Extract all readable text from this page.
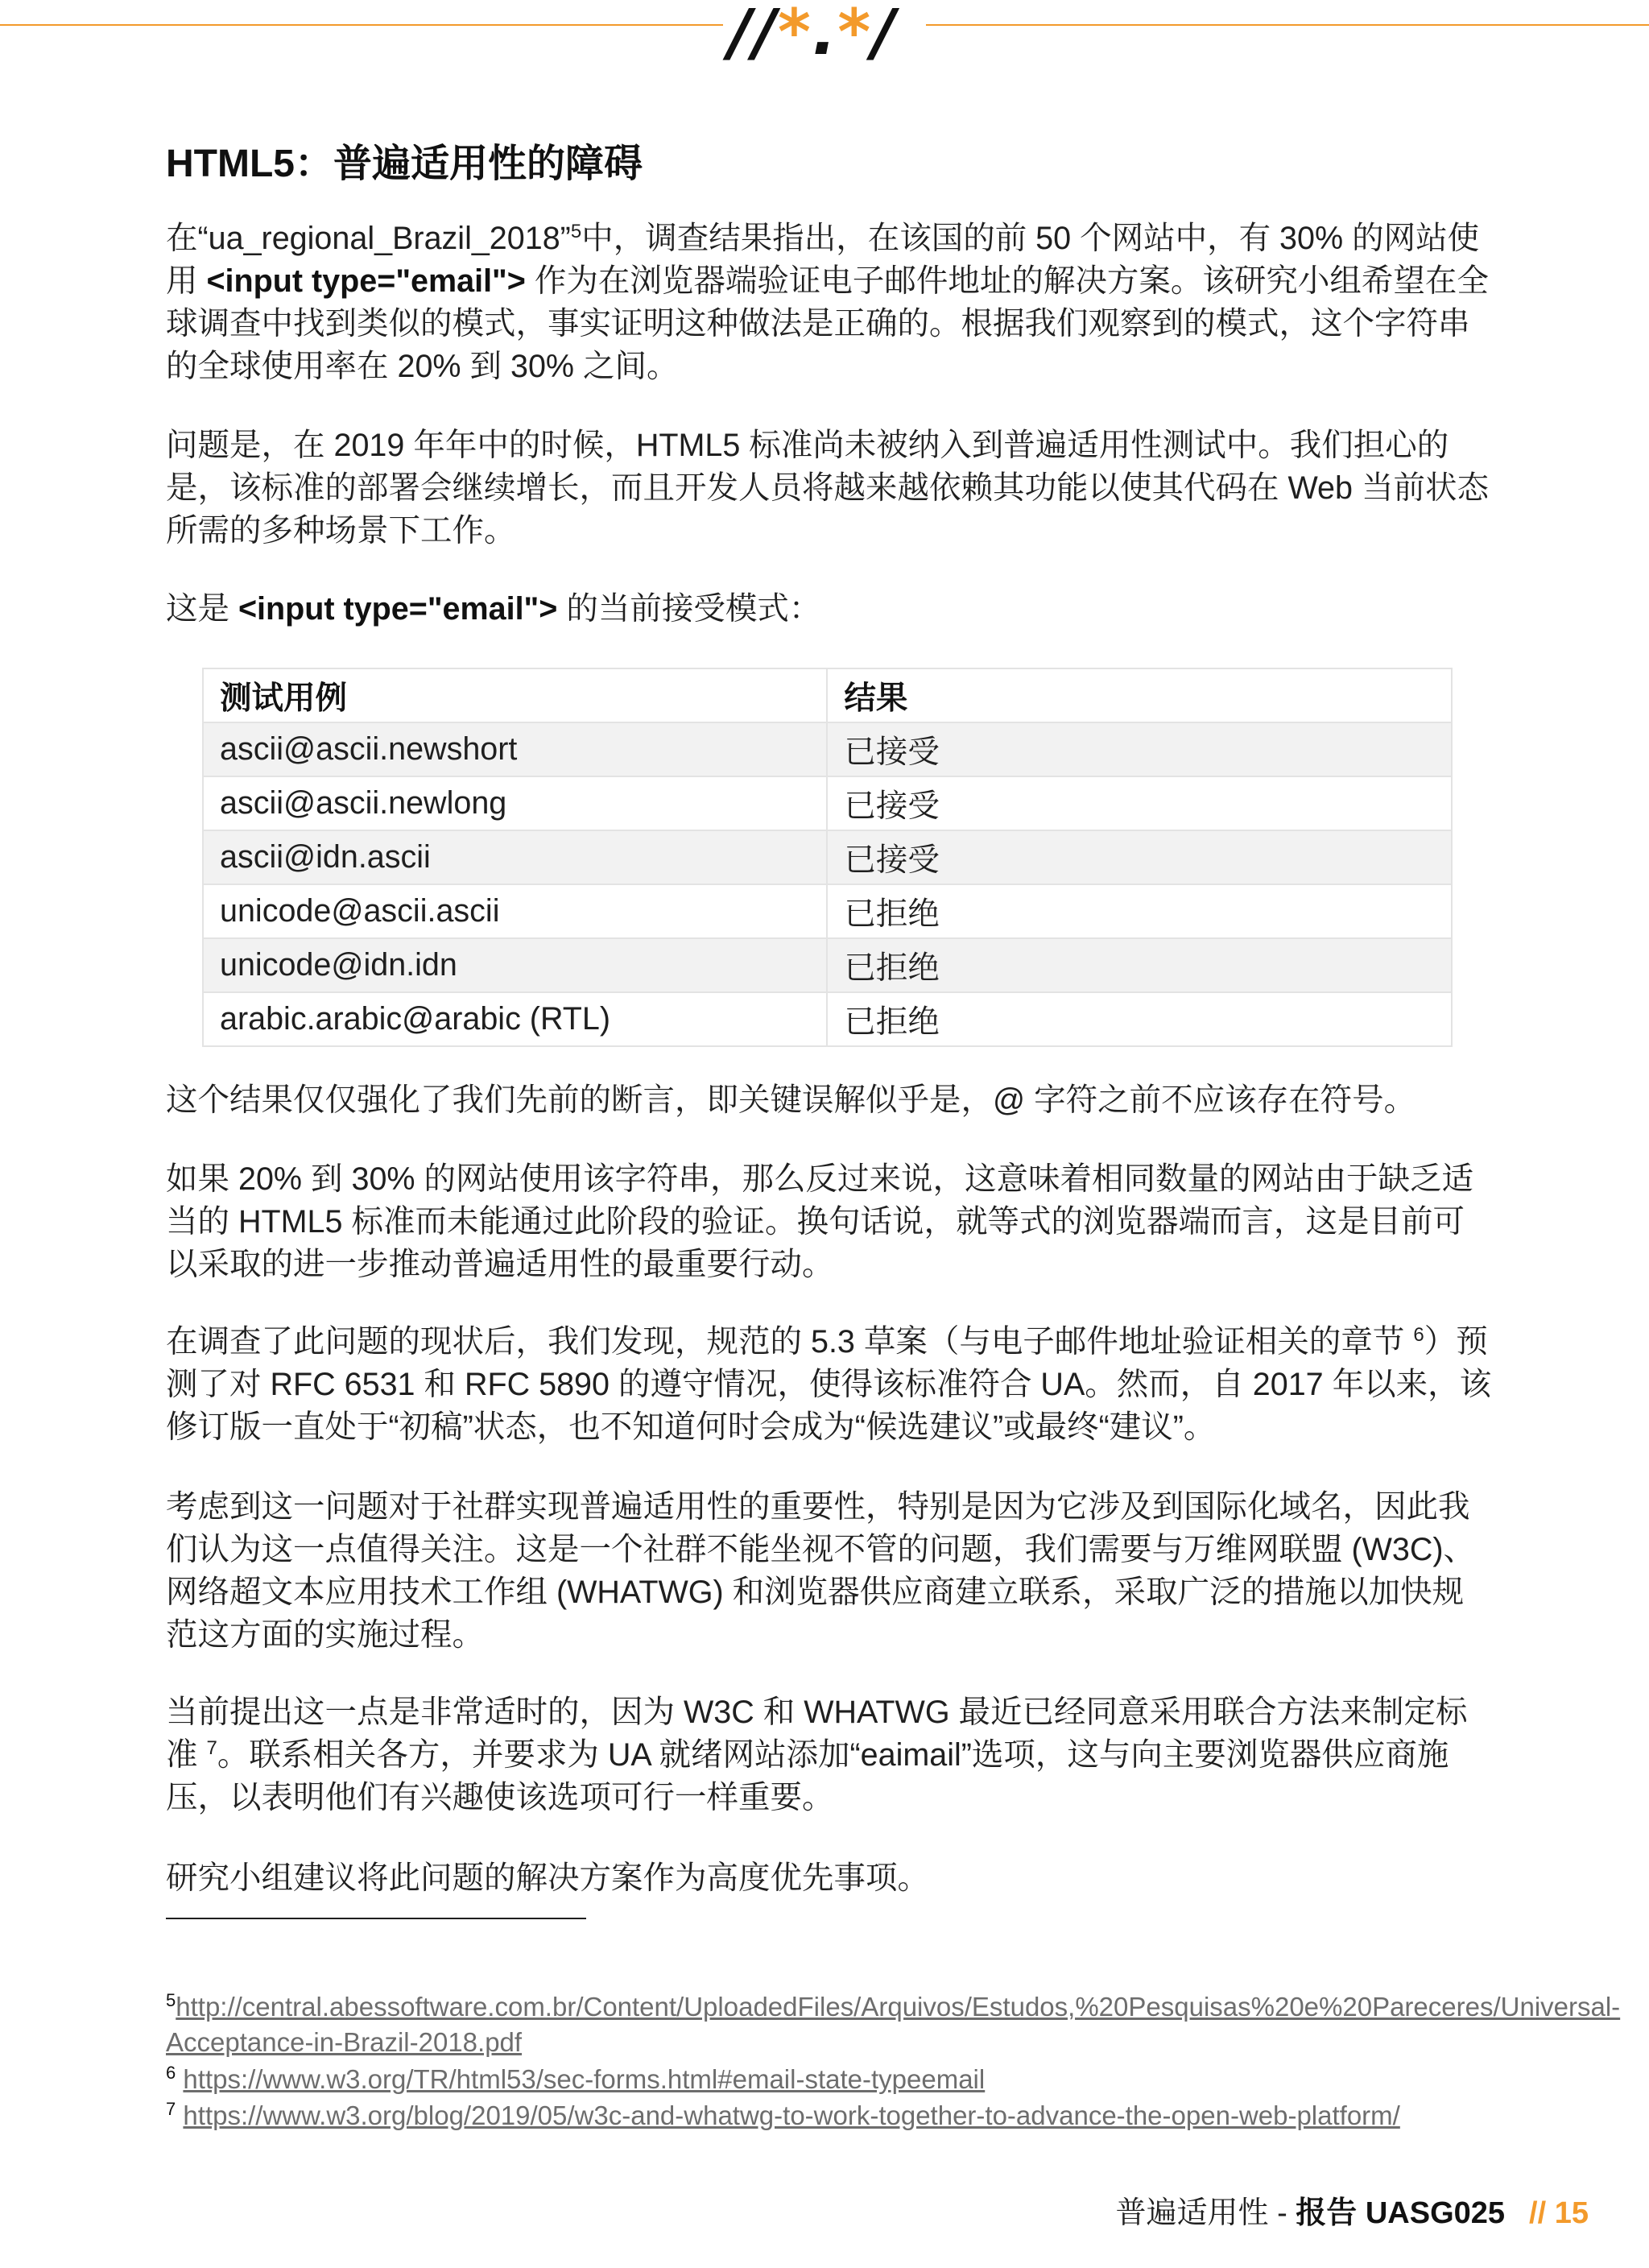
//*.*/
HTML5：普遍适用性的障碍

在“ua_regional_Brazil_2018”$^5$中，调查结果指出，在该国的前 50 个网站中，有 30% 的网站使用 <input type="email"> 作为在浏览器端验证电子邮件地址的解决方案。该研究小组希望在全球调查中找到类似的模式，事实证明这种做法是正确的。根据我们观察到的模式，这个字符串的全球使用率在 20% 到 30% 之间。

问题是，在 2019 年年中的时候，HTML5 标准尚未被纳入到普遍适用性测试中。我们担心的是，该标准的部署会继续增长，而且开发人员将越来越依赖其功能以使其代码在 Web 当前状态所需的多种场景下工作。

这是 <input type="email"> 的当前接受模式：

测试用例	结果
ascii@ascii.newshort	已接受
ascii@ascii.newlong	已接受
ascii@idn.ascii	已接受
unicode@ascii.ascii	已拒绝
unicode@idn.idn	已拒绝
arabic.arabic@arabic (RTL)	已拒绝

这个结果仅仅强化了我们先前的断言，即关键误解似乎是，@ 字符之前不应该存在符号。

如果 20% 到 30% 的网站使用该字符串，那么反过来说，这意味着相同数量的网站由于缺乏适当的 HTML5 标准而未能通过此阶段的验证。换句话说，就等式的浏览器端而言，这是目前可以采取的进一步推动普遍适用性的最重要行动。

在调查了此问题的现状后，我们发现，规范的 5.3 草案（与电子邮件地址验证相关的章节 $^6$）预测了对 RFC 6531 和 RFC 5890 的遵守情况，使得该标准符合 UA。然而，自 2017 年以来，该修订版一直处于“初稿”状态，也不知道何时会成为“候选建议”或最终“建议”。

考虑到这一问题对于社群实现普遍适用性的重要性，特别是因为它涉及到国际化域名，因此我们认为这一点值得关注。这是一个社群不能坐视不管的问题，我们需要与万维网联盟 (W3C)、网络超文本应用技术工作组 (WHATWG) 和浏览器供应商建立联系，采取广泛的措施以加快规范这方面的实施过程。

当前提出这一点是非常适时的，因为 W3C 和 WHATWG 最近已经同意采用联合方法来制定标准 $^7$。联系相关各方，并要求为 UA 就绪网站添加“eaimail”选项，这与向主要浏览器供应商施压，以表明他们有兴趣使该选项可行一样重要。

研究小组建议将此问题的解决方案作为高度优先事项。

$^5$http://central.abessoftware.com.br/Content/UploadedFiles/Arquivos/Estudos,%20Pesquisas%20e%20Pareceres/Universal-Acceptance-in-Brazil-2018.pdf

$^6$ https://www.w3.org/TR/html53/sec-forms.html#email-state-typeemail

$^7$ https://www.w3.org/blog/2019/05/w3c-and-whatwg-to-work-together-to-advance-the-open-web-platform/

普遍适用性 - 报告 UASG025 // 15
